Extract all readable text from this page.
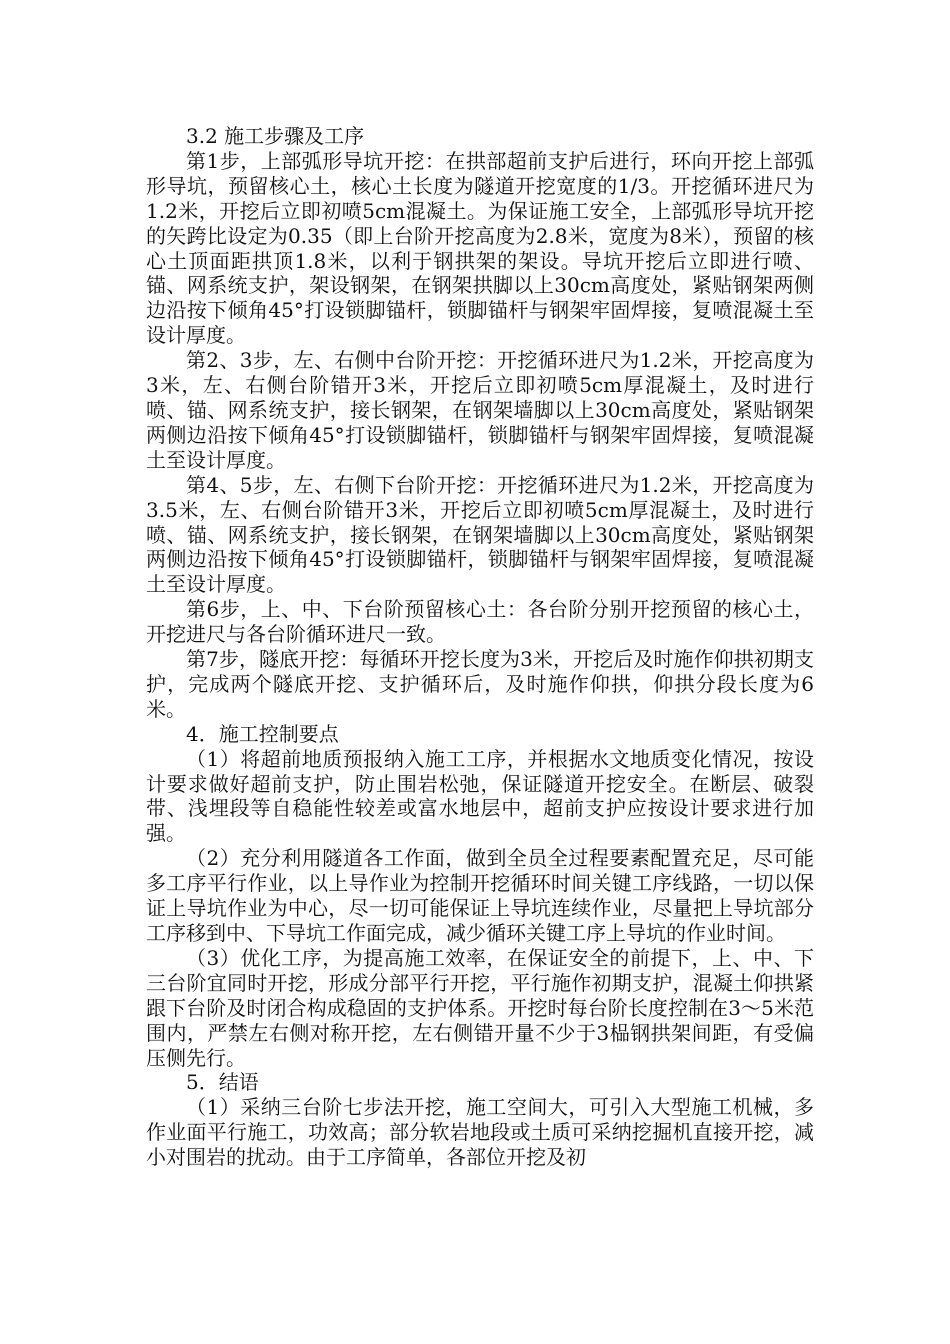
3.2 施工步骤及工序

第1步，上部弧形导坑开挖：在拱部超前支护后进行，环向开挖上部弧形导坑，预留核心土，核心土长度为隧道开挖宽度的1/3。开挖循环进尺为1.2米，开挖后立即初喷5cm混凝土。为保证施工安全，上部弧形导坑开挖的矢跨比设定为0.35（即上台阶开挖高度为2.8米，宽度为8米），预留的核心土顶面距拱顶1.8米，以利于钢拱架的架设。导坑开挖后立即进行喷、锚、网系统支护，架设钢架，在钢架拱脚以上30cm高度处，紧贴钢架两侧边沿按下倾角45°打设锁脚锚杆，锁脚锚杆与钢架牢固焊接，复喷混凝土至设计厚度。

第2、3步，左、右侧中台阶开挖：开挖循环进尺为1.2米，开挖高度为3米，左、右侧台阶错开3米，开挖后立即初喷5cm厚混凝土，及时进行喷、锚、网系统支护，接长钢架，在钢架墙脚以上30cm高度处，紧贴钢架两侧边沿按下倾角45°打设锁脚锚杆，锁脚锚杆与钢架牢固焊接，复喷混凝土至设计厚度。

第4、5步，左、右侧下台阶开挖：开挖循环进尺为1.2米，开挖高度为3.5米，左、右侧台阶错开3米，开挖后立即初喷5cm厚混凝土，及时进行喷、锚、网系统支护，接长钢架，在钢架墙脚以上30cm高度处，紧贴钢架两侧边沿按下倾角45°打设锁脚锚杆，锁脚锚杆与钢架牢固焊接，复喷混凝土至设计厚度。

第6步，上、中、下台阶预留核心土：各台阶分别开挖预留的核心土，开挖进尺与各台阶循环进尺一致。

第7步，隧底开挖：每循环开挖长度为3米，开挖后及时施作仰拱初期支护，完成两个隧底开挖、支护循环后，及时施作仰拱，仰拱分段长度为6米。

4．施工控制要点

（1）将超前地质预报纳入施工工序，并根据水文地质变化情况，按设计要求做好超前支护，防止围岩松弛，保证隧道开挖安全。在断层、破裂带、浅埋段等自稳能性较差或富水地层中，超前支护应按设计要求进行加强。

（2）充分利用隧道各工作面，做到全员全过程要素配置充足，尽可能多工序平行作业，以上导作业为控制开挖循环时间关键工序线路，一切以保证上导坑作业为中心，尽一切可能保证上导坑连续作业，尽量把上导坑部分工序移到中、下导坑工作面完成，减少循环关键工序上导坑的作业时间。

（3）优化工序，为提高施工效率，在保证安全的前提下，上、中、下三台阶宜同时开挖，形成分部平行开挖，平行施作初期支护，混凝土仰拱紧跟下台阶及时闭合构成稳固的支护体系。开挖时每台阶长度控制在3～5米范围内，严禁左右侧对称开挖，左右侧错开量不少于3榀钢拱架间距，有受偏压侧先行。

5．结语

（1）采纳三台阶七步法开挖，施工空间大，可引入大型施工机械，多作业面平行施工，功效高；部分软岩地段或土质可采纳挖掘机直接开挖，减小对围岩的扰动。由于工序简单，各部位开挖及初
